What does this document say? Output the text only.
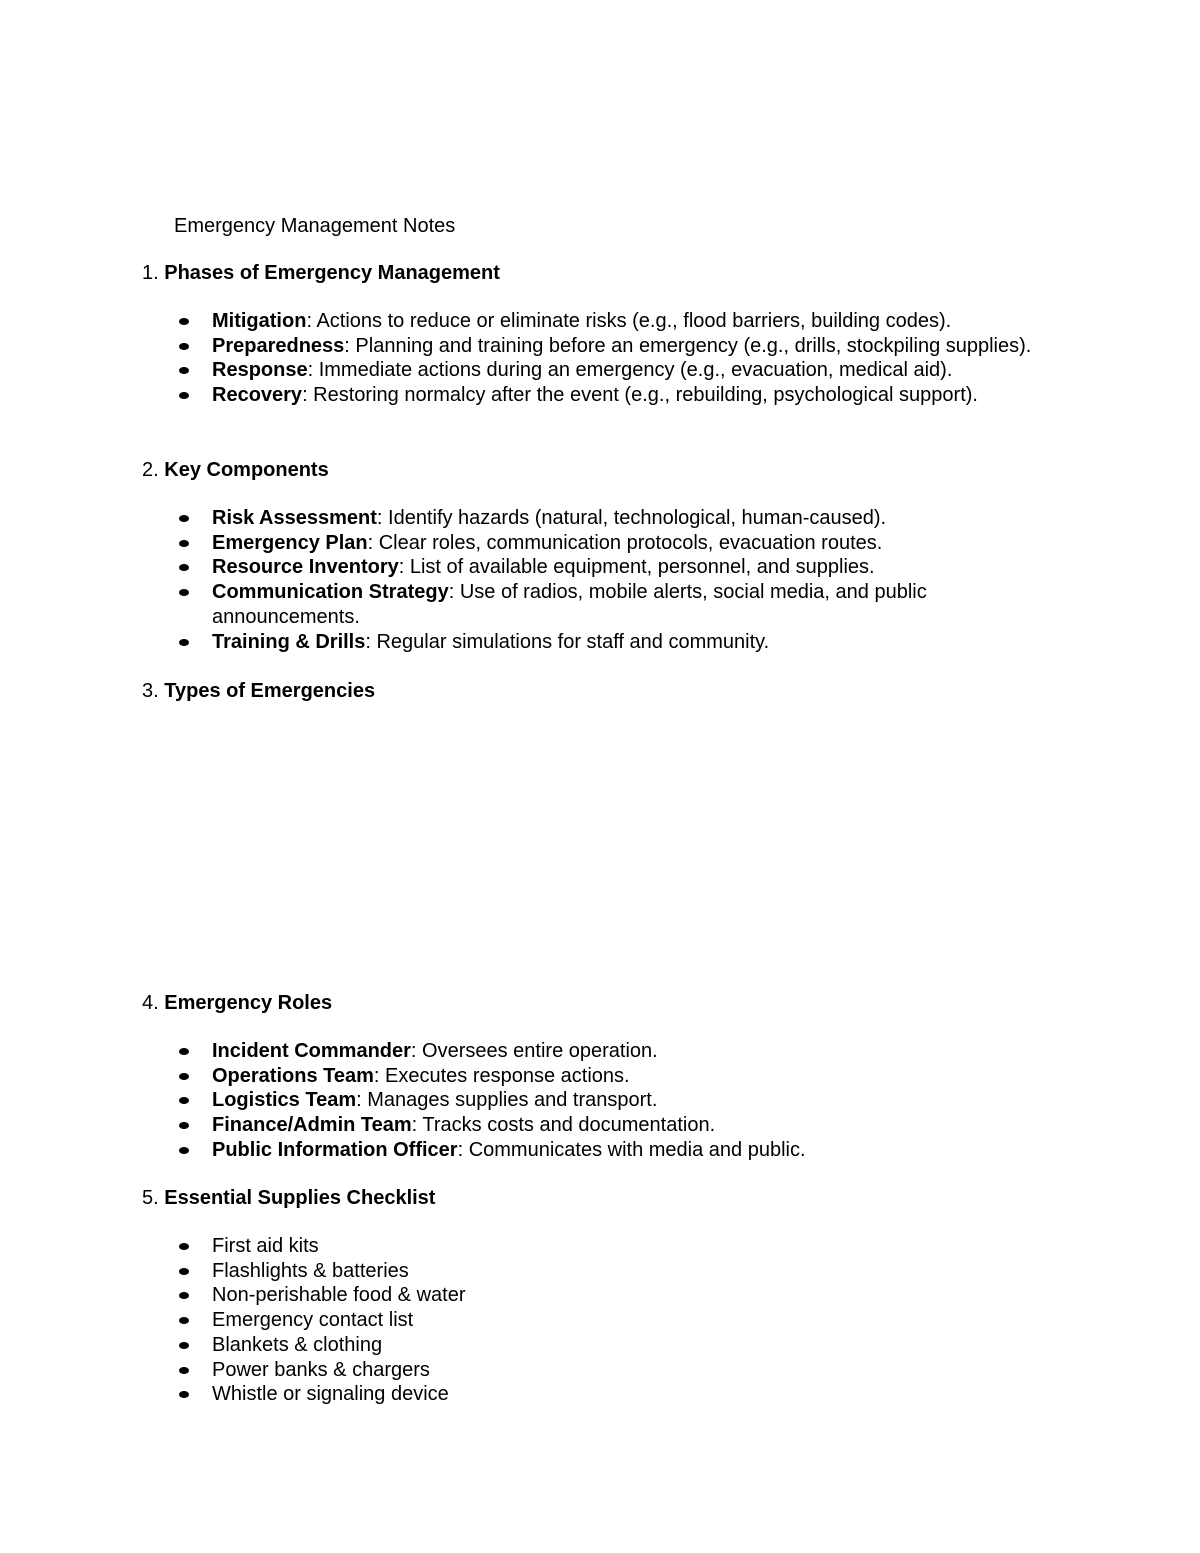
Emergency Management Notes
1. Phases of Emergency Management
Mitigation: Actions to reduce or eliminate risks (e.g., flood barriers, building codes).
Preparedness: Planning and training before an emergency (e.g., drills, stockpiling supplies).
Response: Immediate actions during an emergency (e.g., evacuation, medical aid).
Recovery: Restoring normalcy after the event (e.g., rebuilding, psychological support).
2. Key Components
Risk Assessment: Identify hazards (natural, technological, human-caused).
Emergency Plan: Clear roles, communication protocols, evacuation routes.
Resource Inventory: List of available equipment, personnel, and supplies.
Communication Strategy: Use of radios, mobile alerts, social media, and public announcements.
Training & Drills: Regular simulations for staff and community.
3. Types of Emergencies
4. Emergency Roles
Incident Commander: Oversees entire operation.
Operations Team: Executes response actions.
Logistics Team: Manages supplies and transport.
Finance/Admin Team: Tracks costs and documentation.
Public Information Officer: Communicates with media and public.
5. Essential Supplies Checklist
First aid kits
Flashlights & batteries
Non-perishable food & water
Emergency contact list
Blankets & clothing
Power banks & chargers
Whistle or signaling device
